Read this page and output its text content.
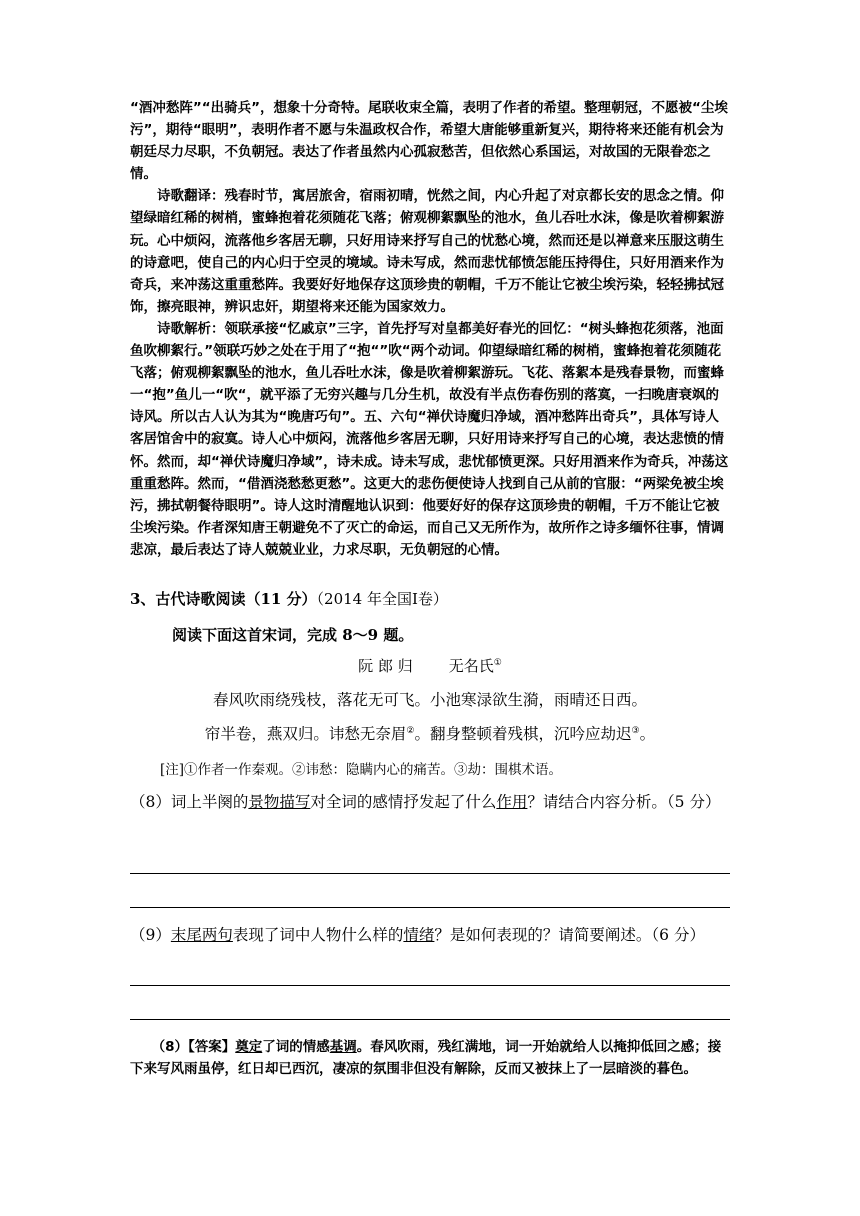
“酒冲愁阵”“出骑兵”，想象十分奇特。尾联收束全篇，表明了作者的希望。整理朝冠，不愿被“尘埃污”，期待“眼明”，表明作者不愿与朱温政权合作，希望大唐能够重新复兴，期待将来还能有机会为朝廷尽力尽职，不负朝冠。表达了作者虽然内心孤寂愁苦，但依然心系国运，对故国的无限眷恋之情。
诗歌翻译：残春时节，寓居旅舍，宿雨初晴，恍然之间，内心升起了对京都长安的思念之情。仰望绿暗红稀的树梢，蜜蜂抱着花须随花飞落；俯观柳絮飘坠的池水，鱼儿吞吐水沫，像是吹着柳絮游玩。心中烦闷，流落他乡客居无聊，只好用诗来抒写自己的忧愁心境，然而还是以禅意来压服这萌生的诗意吧，使自己的内心归于空灵的境域。诗未写成，然而悲忧郁愤怎能压持得住，只好用酒来作为奇兵，来冲荡这重重愁阵。我要好好地保存这顶珍贵的朝帽，千万不能让它被尘埃污染，轻轻拂拭冠饰，擦亮眼神，辨识忠奸，期望将来还能为国家效力。
诗歌解析：领联承接“忆戚京”三字，首先抒写对皇都美好春光的回忆：“树头蜂抱花须落，池面鱼吹柳絮行。”领联巧妙之处在于用了“抱“”吹“两个动词。仰望绿暗红稀的树梢，蜜蜂抱着花须随花飞落；俯观柳絮飘坠的池水，鱼儿吞吐水沫，像是吹着柳絮游玩。飞花、落絮本是残春景物，而蜜蜂一“抱”鱼儿一“吹“，就平添了无穷兴趣与几分生机，故没有半点伤春伤别的落寞，一扫晚唐衰飒的诗风。所以古人认为其为“晚唐巧句”。五、六句“禅伏诗魔归净域，酒冲愁阵出奇兵”，具体写诗人客居馆舍中的寂寞。诗人心中烦闷，流落他乡客居无聊，只好用诗来抒写自己的心境，表达悲愤的情怀。然而，却“禅伏诗魔归净域”，诗未成。诗未写成，悲忧郁愤更深。只好用酒来作为奇兵，冲荡这重重愁阵。然而，“借酒浇愁愁更愁”。这更大的悲伤便使诗人找到自己从前的官服：“两梁免被尘埃污，拂拭朝餐待眼明”。诗人这时清醒地认识到：他要好好的保存这顶珍贵的朝帽，千万不能让它被尘埃污染。作者深知唐王朝避免不了灭亡的命运，而自己又无所作为，故所作之诗多缅怀往事，情调悲凉，最后表达了诗人兢兢业业，力求尽职，无负朝冠的心情。
3、古代诗歌阅读（11 分）（2014 年全国Ⅰ卷）
阅读下面这首宋词，完成 8～9 题。
阮 郎 归 无名氏①
春风吹雨绕残枝，落花无可飞。小池寒渌欲生漪，雨晴还日西。
帘半卷，燕双归。讳愁无奈眉②。翻身整顿着残棋，沉吟应劫迟③。
[注]①作者一作秦观。②讳愁：隐瞒内心的痛苦。③劫：围棋术语。
（8）词上半阕的景物描写对全词的感情抒发起了什么作用？请结合内容分析。（5 分）
（9）末尾两句表现了词中人物什么样的情绪？是如何表现的？请简要阐述。（6 分）
（8）【答案】奠定了词的情感基调。春风吹雨，残红满地，词一开始就给人以掩抑低回之感；接下来写风雨虽停，红日却已西沉，凄凉的氛围非但没有解除，反而又被抹上了一层暗淡的暮色。
